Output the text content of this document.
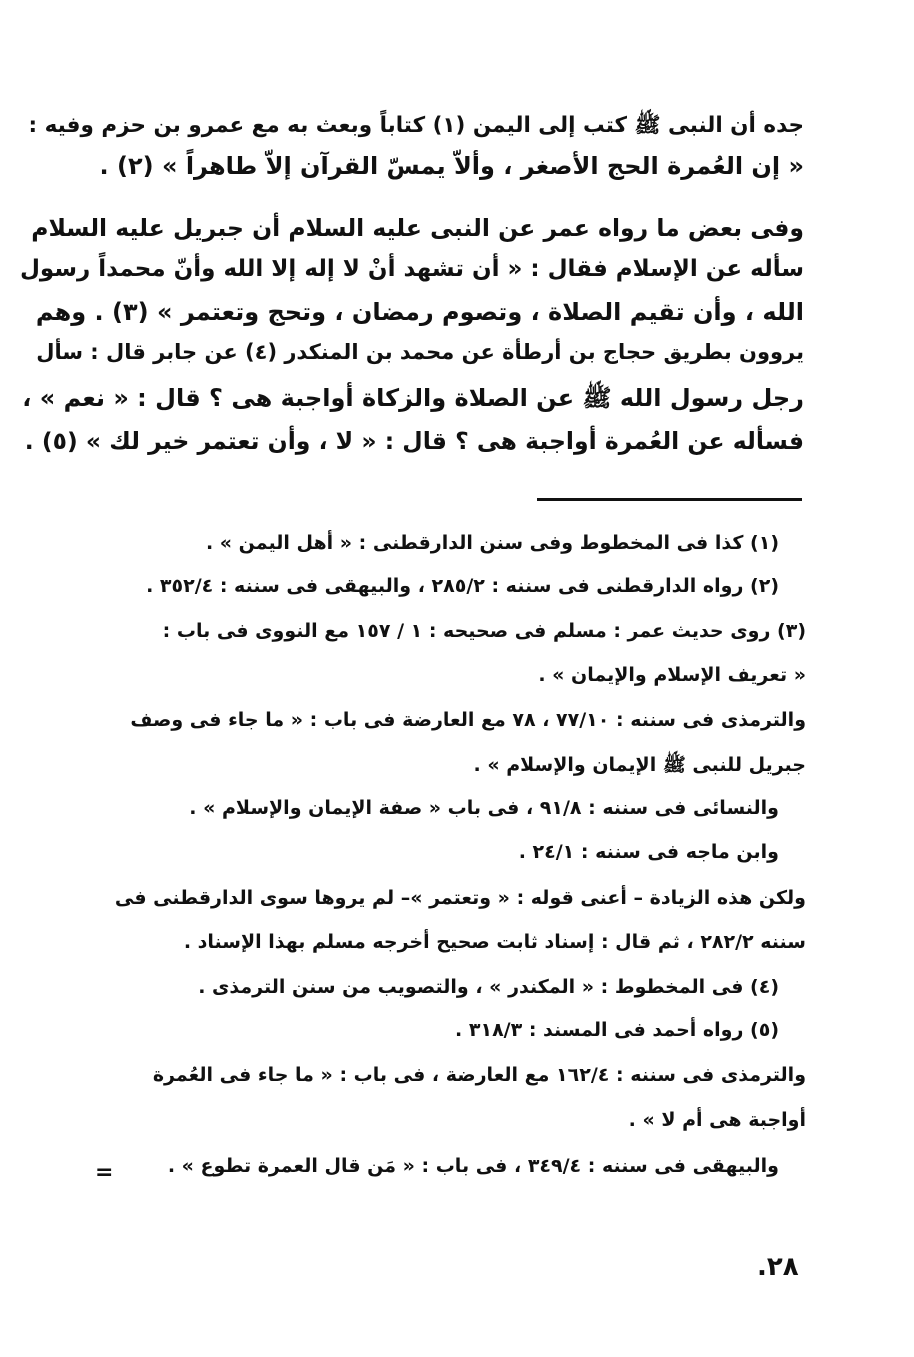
جده أن النبى ﷺ كتب إلى اليمن (١) كتاباً وبعث به مع عمرو بن حزم وفيه :
« إن العُمرة الحج الأصغر ، وألاّ يمسّ القرآن إلاّ طاهراً » (٢) .
وفى بعض ما رواه عمر عن النبى عليه السلام أن جبريل عليه السلام
سأله عن الإسلام فقال : « أن تشهد أنْ لا إله إلا الله وأنّ محمداً رسول
الله ، وأن تقيم الصلاة ، وتصوم رمضان ، وتحج وتعتمر » (٣) . وهم
يروون بطريق حجاج بن أرطأة عن محمد بن المنكدر (٤) عن جابر قال : سأل
رجل رسول الله ﷺ عن الصلاة والزكاة أواجبة هى ؟ قال : « نعم » ،
فسأله عن العُمرة أواجبة هى ؟ قال : « لا ، وأن تعتمر خير لك » (٥) .
(١) كذا فى المخطوط وفى سنن الدارقطنى : « أهل اليمن » .
(٢) رواه الدارقطنى فى سننه : ٢٨٥/٢ ، والبيهقى فى سننه : ٣٥٢/٤ .
(٣) روى حديث عمر : مسلم فى صحيحه : ١ / ١٥٧ مع النووى فى باب :
« تعريف الإسلام والإيمان » .
والترمذى فى سننه : ٧٧/١٠ ، ٧٨ مع العارضة فى باب : « ما جاء فى وصف
جبريل للنبى ﷺ الإيمان والإسلام » .
والنسائى فى سننه : ٩١/٨ ، فى باب « صفة الإيمان والإسلام » .
وابن ماجه فى سننه : ٢٤/١ .
ولكن هذه الزيادة – أعنى قوله : « وتعتمر »– لم يروها سوى الدارقطنى فى
سننه ٢٨٢/٢ ، ثم قال : إسناد ثابت صحيح أخرجه مسلم بهذا الإسناد .
(٤) فى المخطوط : « المكندر » ، والتصويب من سنن الترمذى .
(٥) رواه أحمد فى المسند : ٣١٨/٣ .
والترمذى فى سننه : ١٦٢/٤ مع العارضة ، فى باب : « ما جاء فى العُمرة
أواجبة هى أم لا » .
والبيهقى فى سننه : ٣٤٩/٤ ، فى باب : « مَن قال العمرة تطوع » .
=
٢٨.
